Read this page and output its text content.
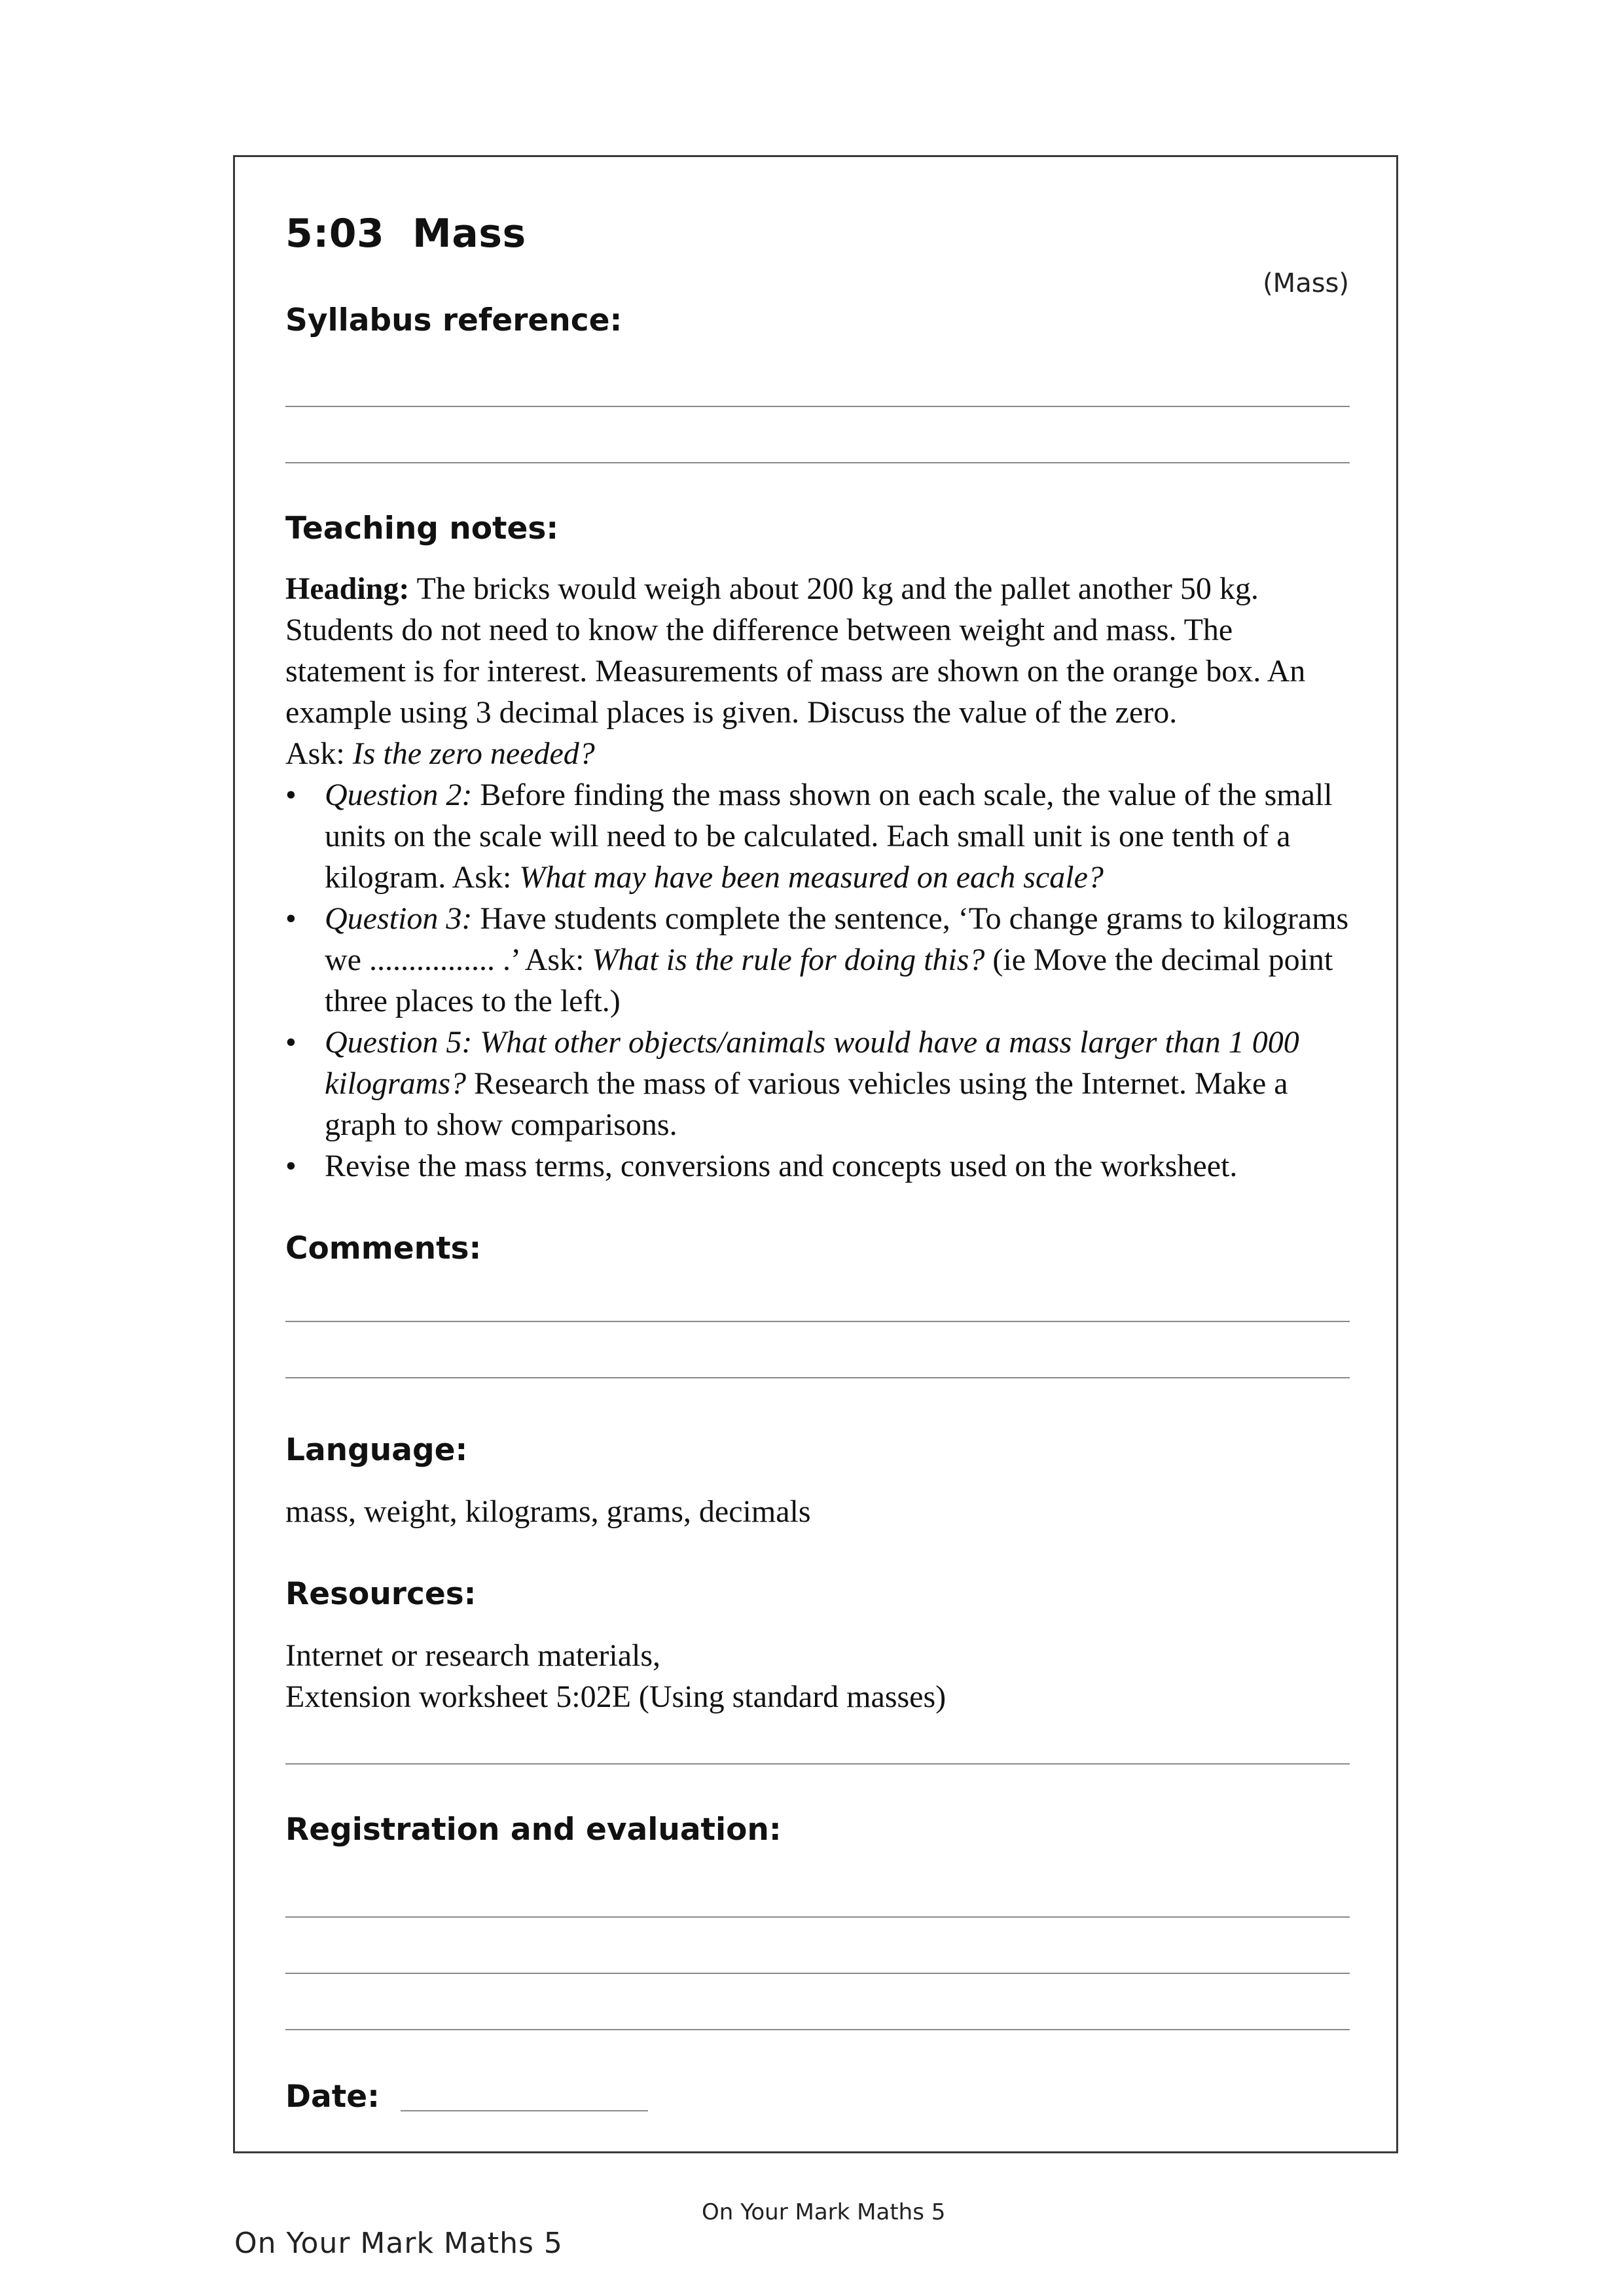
5:03 Mass
(Mass)
Syllabus reference:
Teaching notes:

Heading: The bricks would weigh about 200 kg and the pallet another 50 kg. Students do not need to know the difference between weight and mass. The statement is for interest. Measurements of mass are shown on the orange box. An example using 3 decimal places is given. Discuss the value of the zero.

Ask: Is the zero needed?

• Question 2: Before finding the mass shown on each scale, the value of the small units on the scale will need to be calculated. Each small unit is one tenth of a kilogram. Ask: What may have been measured on each scale?
• Question 3: Have students complete the sentence, ‘To change grams to kilograms we ................ .’ Ask: What is the rule for doing this? (ie Move the decimal point three places to the left.)
• Question 5: What other objects/animals would have a mass larger than 1 000 kilograms? Research the mass of various vehicles using the Internet. Make a graph to show comparisons.
• Revise the mass terms, conversions and concepts used on the worksheet.
Comments:
Language:
mass, weight, kilograms, grams, decimals
Resources:

Internet or research materials,

Extension worksheet 5:02E (Using standard masses)

Registration and evaluation:
Date:
On Your Mark Maths 5
On Your Mark Maths 5
